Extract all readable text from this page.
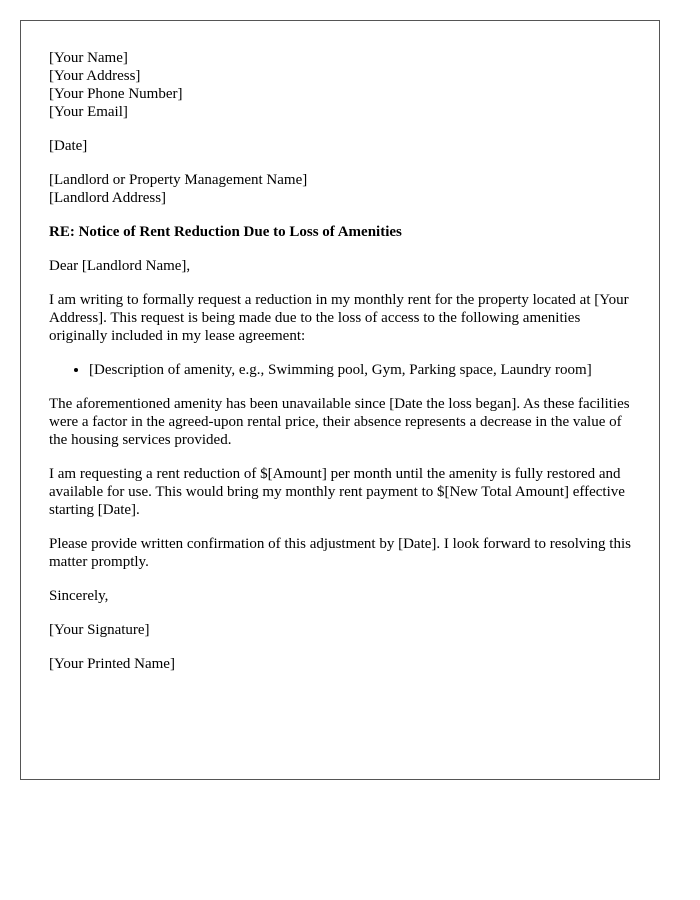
[Your Name]
[Your Address]
[Your Phone Number]
[Your Email]
[Date]
[Landlord or Property Management Name]
[Landlord Address]
RE: Notice of Rent Reduction Due to Loss of Amenities
Dear [Landlord Name],

I am writing to formally request a reduction in my monthly rent for the property located at [Your Address]. This request is being made due to the loss of access to the following amenities originally included in my lease agreement:

• [Description of amenity, e.g., Swimming pool, Gym, Parking space, Laundry room]

The aforementioned amenity has been unavailable since [Date the loss began]. As these facilities were a factor in the agreed-upon rental price, their absence represents a decrease in the value of the housing services provided.

I am requesting a rent reduction of $[Amount] per month until the amenity is fully restored and available for use. This would bring my monthly rent payment to $[New Total Amount] effective starting [Date].

Please provide written confirmation of this adjustment by [Date]. I look forward to resolving this matter promptly.

Sincerely,
[Your Signature]
[Your Printed Name]
